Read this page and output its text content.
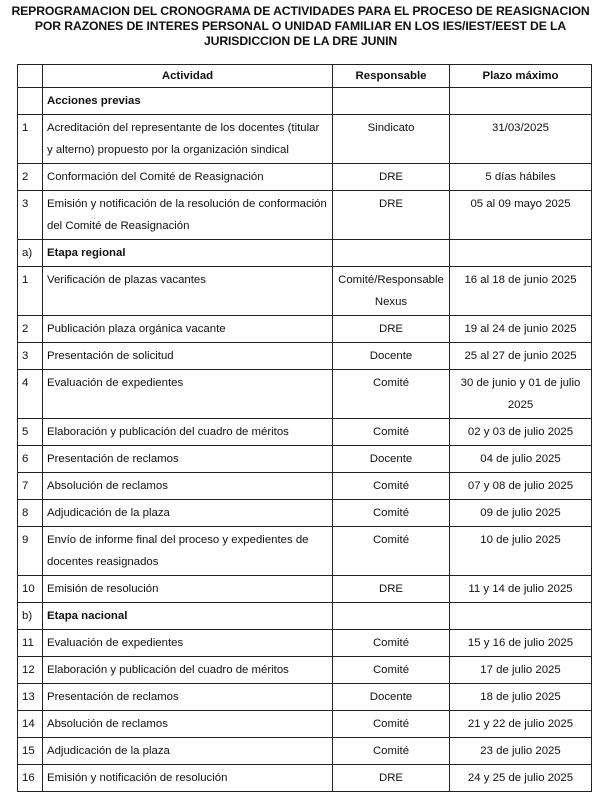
REPROGRAMACION DEL CRONOGRAMA DE ACTIVIDADES PARA EL PROCESO DE REASIGNACION
POR RAZONES DE INTERES PERSONAL O UNIDAD FAMILIAR EN LOS IES/IEST/EEST DE LA
JURISDICCION DE LA DRE JUNIN
	Actividad	Responsable	Plazo máximo
	Acciones previas		
1	Acreditación del representante de los docentes (titular y alterno) propuesto por la organización sindical	Sindicato	31/03/2025
2	Conformación del Comité de Reasignación	DRE	5 días hábiles
3	Emisión y notificación de la resolución de conformación del Comité de Reasignación	DRE	05 al 09 mayo 2025
a)	Etapa regional		
1	Verificación de plazas vacantes	Comité/Responsable Nexus	16 al 18 de junio 2025
2	Publicación plaza orgánica vacante	DRE	19 al 24 de junio 2025
3	Presentación de solicitud	Docente	25 al 27 de junio 2025
4	Evaluación de expedientes	Comité	30 de junio y 01 de julio 2025
5	Elaboración y publicación del cuadro de méritos	Comité	02 y 03 de julio 2025
6	Presentación de reclamos	Docente	04 de julio 2025
7	Absolución de reclamos	Comité	07 y 08 de julio 2025
8	Adjudicación de la plaza	Comité	09 de julio 2025
9	Envío de informe final del proceso y expedientes de docentes reasignados	Comité	10 de julio 2025
10	Emisión de resolución	DRE	11 y 14 de julio 2025
b)	Etapa nacional		
11	Evaluación de expedientes	Comité	15 y 16 de julio 2025
12	Elaboración y publicación del cuadro de méritos	Comité	17 de julio 2025
13	Presentación de reclamos	Docente	18 de julio 2025
14	Absolución de reclamos	Comité	21 y 22 de julio 2025
15	Adjudicación de la plaza	Comité	23 de julio 2025
16	Emisión y notificación de resolución	DRE	24 y 25 de julio 2025
